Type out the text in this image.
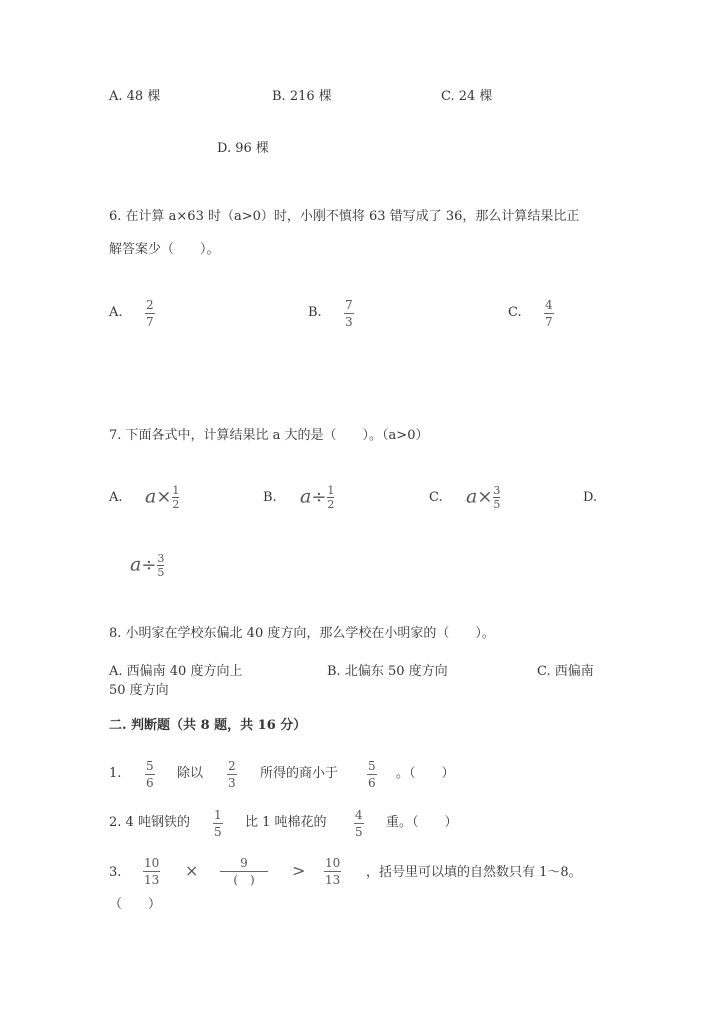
A. 48 棵	B. 216 棵	C. 24 棵
D. 96 棵
6. 在计算 a×63 时（a>0）时，小刚不慎将 63 错写成了 36，那么计算结果比正
解答案少（　　）。
A. 2
7
B. 7
3
C. 4
7
7. 下面各式中，计算结果比 a 大的是（　　）。（a>0）
A. $a\times \frac{1}{2}$	B. $a\div \frac{1}{2}$	C. $a\times \frac{3}{5}$	D.
$a\div \frac{3}{5}$
8. 小明家在学校东偏北 40 度方向，那么学校在小明家的（　　）。
A. 西偏南 40 度方向上	B. 北偏东 50 度方向	C. 西偏南
50 度方向
二. 判断题（共 8 题，共 16 分）
1. 5
6
除以 2
3
所得的商小于 5
6
。（　　）
2. 4 吨钢铁的 1
5
比 1 吨棉花的 4
5
重。（　　）
3.
10
13 ×	9
(　) > 10
13 ，括号里可以填的自然数只有 1～8。
（　　）
